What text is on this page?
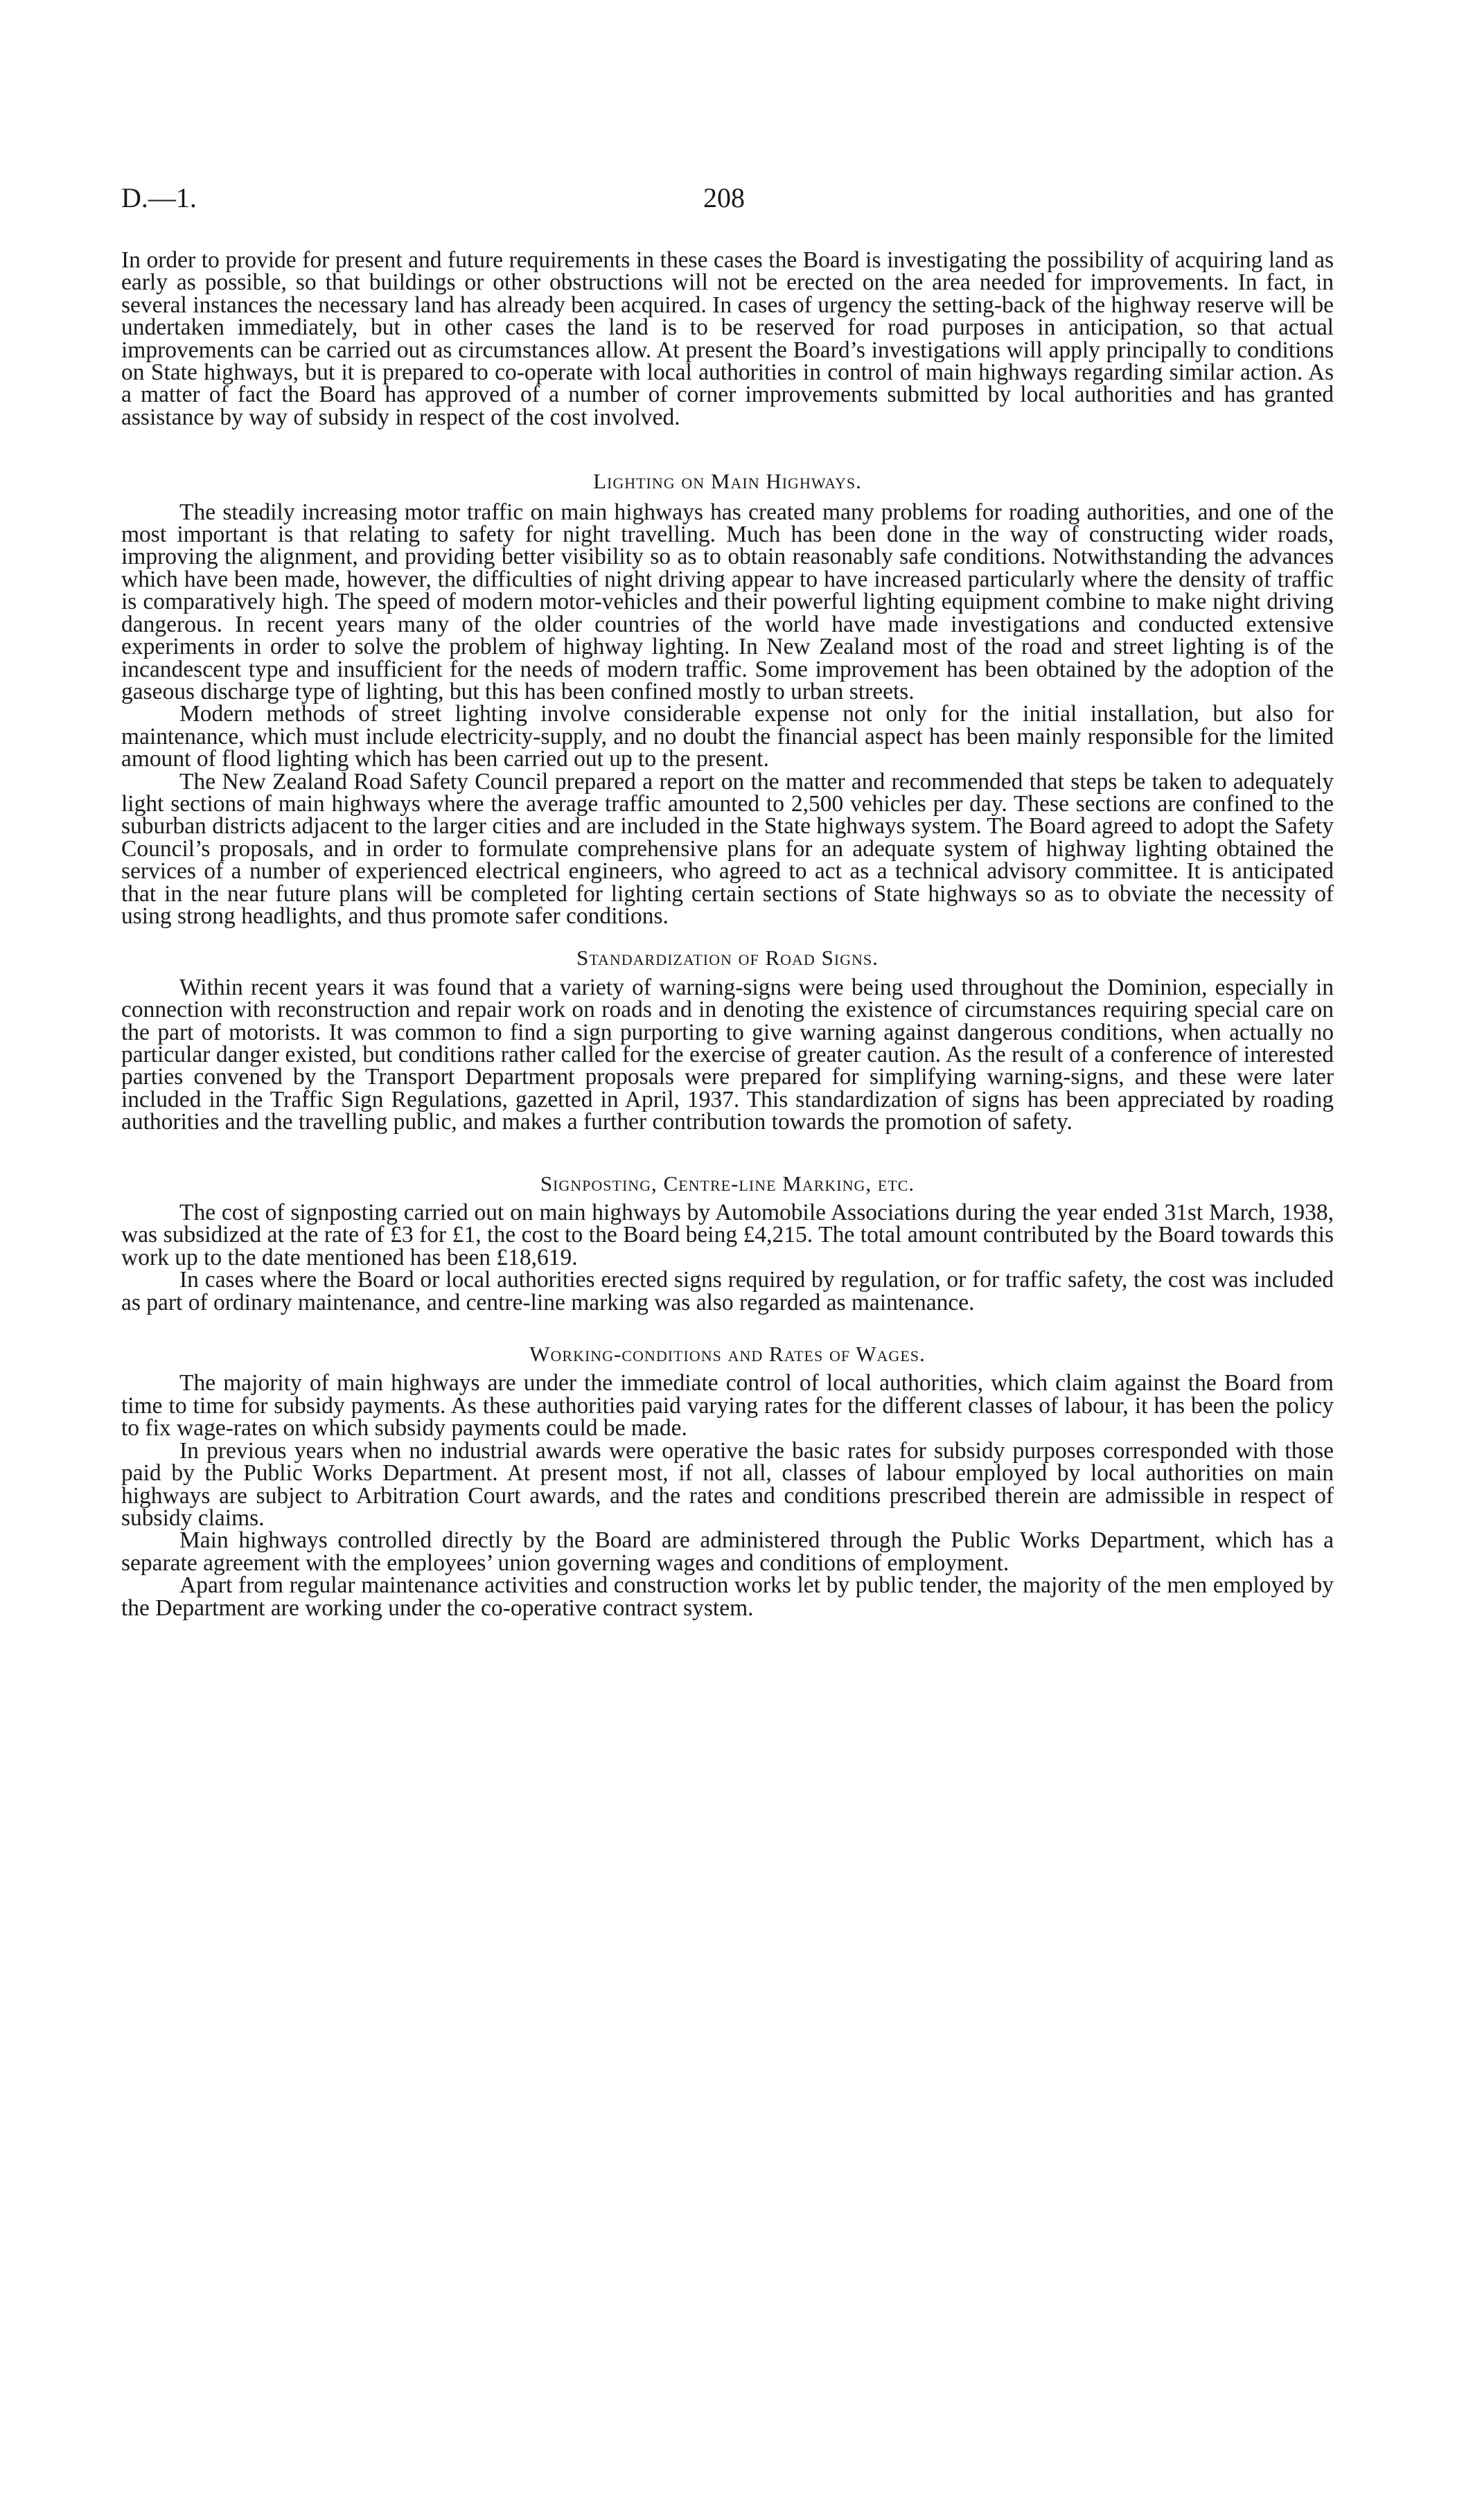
D.—1.	208

In order to provide for present and future requirements in these cases the Board is investigating the possibility of acquiring land as early as possible, so that buildings or other obstructions will not be erected on the area needed for improvements. In fact, in several instances the necessary land has already been acquired. In cases of urgency the setting-back of the highway reserve will be undertaken immediately, but in other cases the land is to be reserved for road purposes in anticipation, so that actual improvements can be carried out as circumstances allow. At present the Board’s investigations will apply principally to conditions on State highways, but it is prepared to co-operate with local authorities in control of main highways regarding similar action. As a matter of fact the Board has approved of a number of corner improvements submitted by local authorities and has granted assistance by way of subsidy in respect of the cost involved.

Lighting on Main Highways.

The steadily increasing motor traffic on main highways has created many problems for roading authorities, and one of the most important is that relating to safety for night travelling. Much has been done in the way of constructing wider roads, improving the alignment, and providing better visibility so as to obtain reasonably safe conditions. Notwithstanding the advances which have been made, however, the difficulties of night driving appear to have increased particularly where the density of traffic is comparatively high. The speed of modern motor-vehicles and their powerful lighting equipment combine to make night driving dangerous. In recent years many of the older countries of the world have made investigations and conducted extensive experiments in order to solve the problem of highway lighting. In New Zealand most of the road and street lighting is of the incandescent type and insufficient for the needs of modern traffic. Some improvement has been obtained by the adoption of the gaseous discharge type of lighting, but this has been confined mostly to urban streets.

Modern methods of street lighting involve considerable expense not only for the initial installation, but also for maintenance, which must include electricity-supply, and no doubt the financial aspect has been mainly responsible for the limited amount of flood lighting which has been carried out up to the present.

The New Zealand Road Safety Council prepared a report on the matter and recommended that steps be taken to adequately light sections of main highways where the average traffic amounted to 2,500 vehicles per day. These sections are confined to the suburban districts adjacent to the larger cities and are included in the State highways system. The Board agreed to adopt the Safety Council’s proposals, and in order to formulate comprehensive plans for an adequate system of highway lighting obtained the services of a number of experienced electrical engineers, who agreed to act as a technical advisory committee. It is anticipated that in the near future plans will be completed for lighting certain sections of State highways so as to obviate the necessity of using strong headlights, and thus promote safer conditions.

Standardization of Road Signs.

Within recent years it was found that a variety of warning-signs were being used throughout the Dominion, especially in connection with reconstruction and repair work on roads and in denoting the existence of circumstances requiring special care on the part of motorists. It was common to find a sign purporting to give warning against dangerous conditions, when actually no particular danger existed, but conditions rather called for the exercise of greater caution. As the result of a conference of interested parties convened by the Transport Department proposals were prepared for simplifying warning-signs, and these were later included in the Traffic Sign Regulations, gazetted in April, 1937. This standardization of signs has been appreciated by roading authorities and the travelling public, and makes a further contribution towards the promotion of safety.

Signposting, Centre-line Marking, etc.

The cost of signposting carried out on main highways by Automobile Associations during the year ended 31st March, 1938, was subsidized at the rate of £3 for £1, the cost to the Board being £4,215. The total amount contributed by the Board towards this work up to the date mentioned has been £18,619.

In cases where the Board or local authorities erected signs required by regulation, or for traffic safety, the cost was included as part of ordinary maintenance, and centre-line marking was also regarded as maintenance.

Working-conditions and Rates of Wages.

The majority of main highways are under the immediate control of local authorities, which claim against the Board from time to time for subsidy payments. As these authorities paid varying rates for the different classes of labour, it has been the policy to fix wage-rates on which subsidy payments could be made.

In previous years when no industrial awards were operative the basic rates for subsidy purposes corresponded with those paid by the Public Works Department. At present most, if not all, classes of labour employed by local authorities on main highways are subject to Arbitration Court awards, and the rates and conditions prescribed therein are admissible in respect of subsidy claims.

Main highways controlled directly by the Board are administered through the Public Works Department, which has a separate agreement with the employees’ union governing wages and conditions of employment.

Apart from regular maintenance activities and construction works let by public tender, the majority of the men employed by the Department are working under the co-operative contract system.
